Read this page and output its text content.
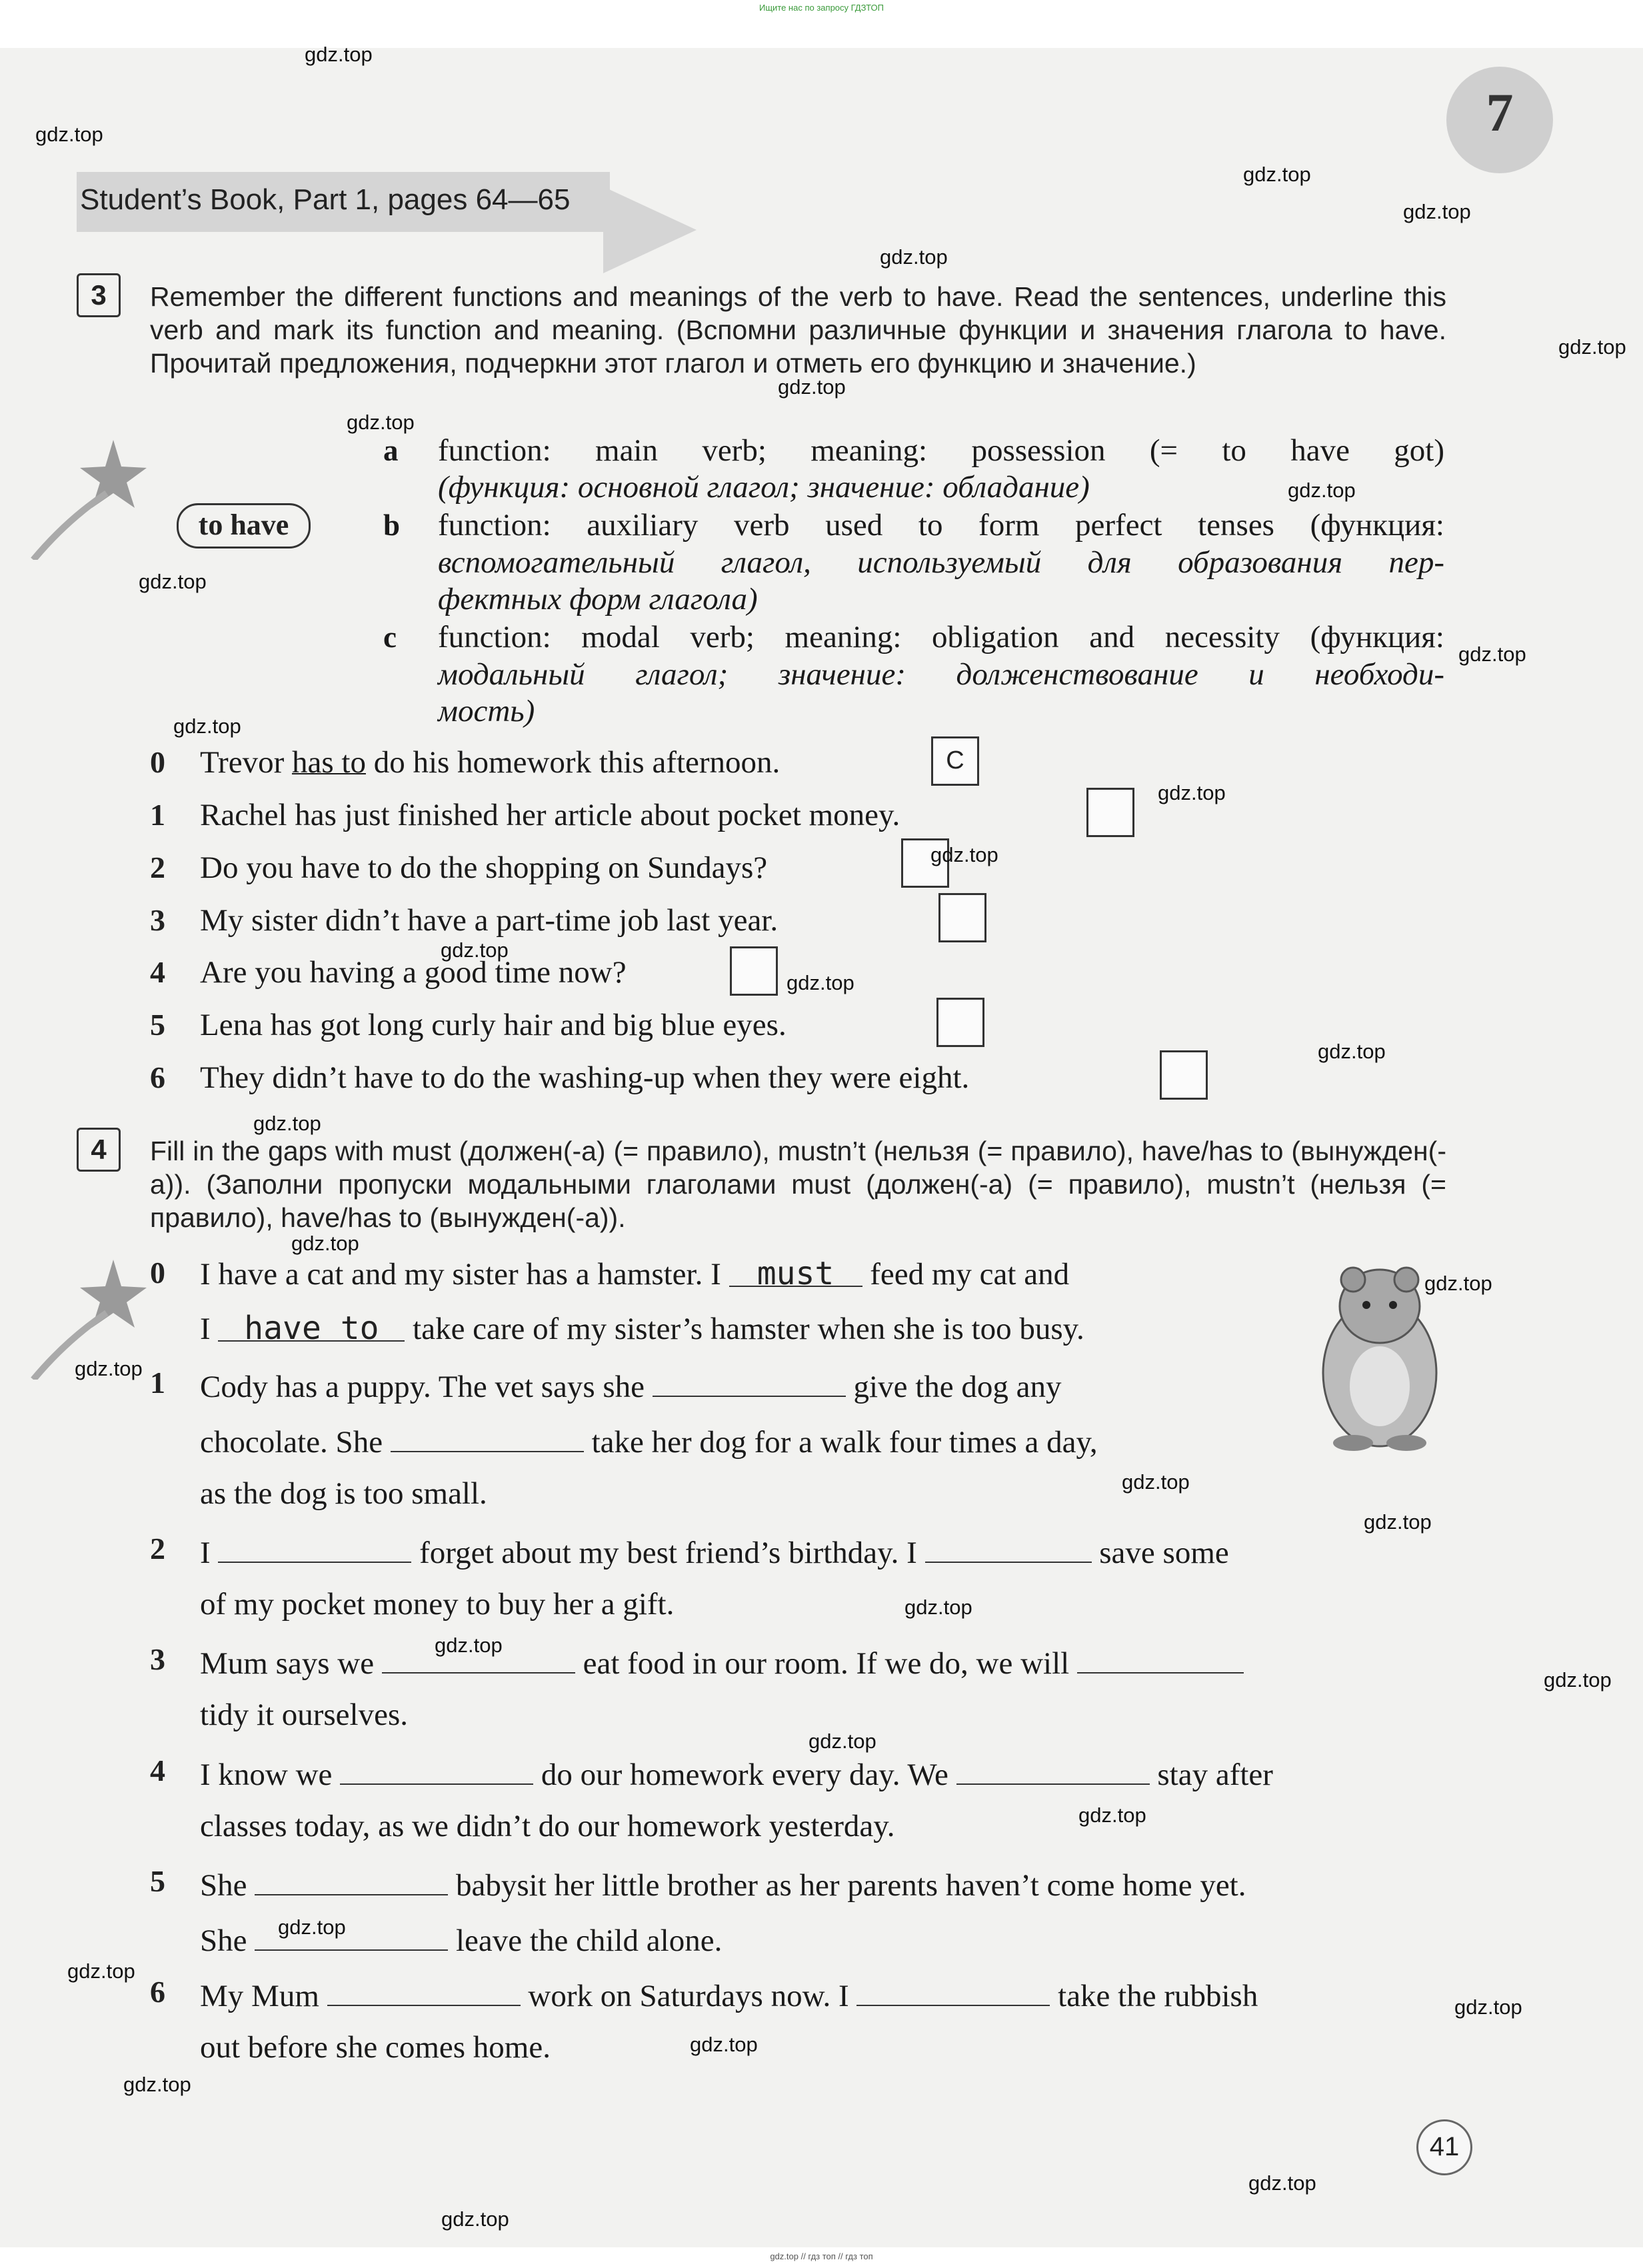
Ищите нас по запросу ГДЗТОП
7
Student’s Book, Part 1, pages 64—65
3	Remember the different functions and meanings of the verb to have. Read the sentences, underline this verb and mark its function and meaning. (Вспомни различные функции и значения глагола to have. Прочитай предложения, подчеркни этот глагол и отметь его функцию и значение.)
to have
a function: main verb; meaning: possession (= to have got)
(функция: основной глагол; значение: обладание)
b function: auxiliary verb used to form perfect tenses (функция:
вспомогательный глагол, используемый для образования пер-
фектных форм глагола)
c function: modal verb; meaning: obligation and necessity (функция:
модальный глагол; значение: долженствование и необходи-
мость)
0 Trevor has to do his homework this afternoon.	C
1 Rachel has just finished her article about pocket money.
2 Do you have to do the shopping on Sundays?
3 My sister didn’t have a part-time job last year.
4 Are you having a good time now?
5 Lena has got long curly hair and big blue eyes.
6 They didn’t have to do the washing-up when they were eight.
4	Fill in the gaps with must (должен(-а) (= правило), mustn’t (нельзя (= правило), have/has to (вынужден(-а)). (Заполни пропуски модальными глаголами must (должен(-а) (= правило), mustn’t (нельзя (= правило), have/has to (вынужден(-а)).
0 I have a cat and my sister has a hamster. I must feed my cat and
I have to take care of my sister’s hamster when she is too busy.
1 Cody has a puppy. The vet says she	give the dog any
chocolate. She	take her dog for a walk four times a day,
as the dog is too small.
2 I	forget about my best friend’s birthday. I	save some
of my pocket money to buy her a gift.
3 Mum says we	eat food in our room. If we do, we will
tidy it ourselves.
4 I know we	do our homework every day. We	stay after
classes today, as we didn’t do our homework yesterday.
5 She	babysit her little brother as her parents haven’t come home yet.
She	leave the child alone.
6 My Mum	work on Saturdays now. I	take the rubbish
out before she comes home.
41
gdz.top
gdz.top
gdz.top
gdz.top
gdz.top
gdz.top
gdz.top
gdz.top
gdz.top
gdz.top
gdz.top
gdz.top
gdz.top
gdz.top
gdz.top
gdz.top
gdz.top
gdz.top
gdz.top
gdz.top
gdz.top
gdz.top
gdz.top
gdz.top
gdz.top
gdz.top
gdz.top
gdz.top
gdz.top
gdz.top
gdz.top
gdz.top
gdz.top
gdz.top
gdz.top
gdz.top // гдз топ // гдз топ
